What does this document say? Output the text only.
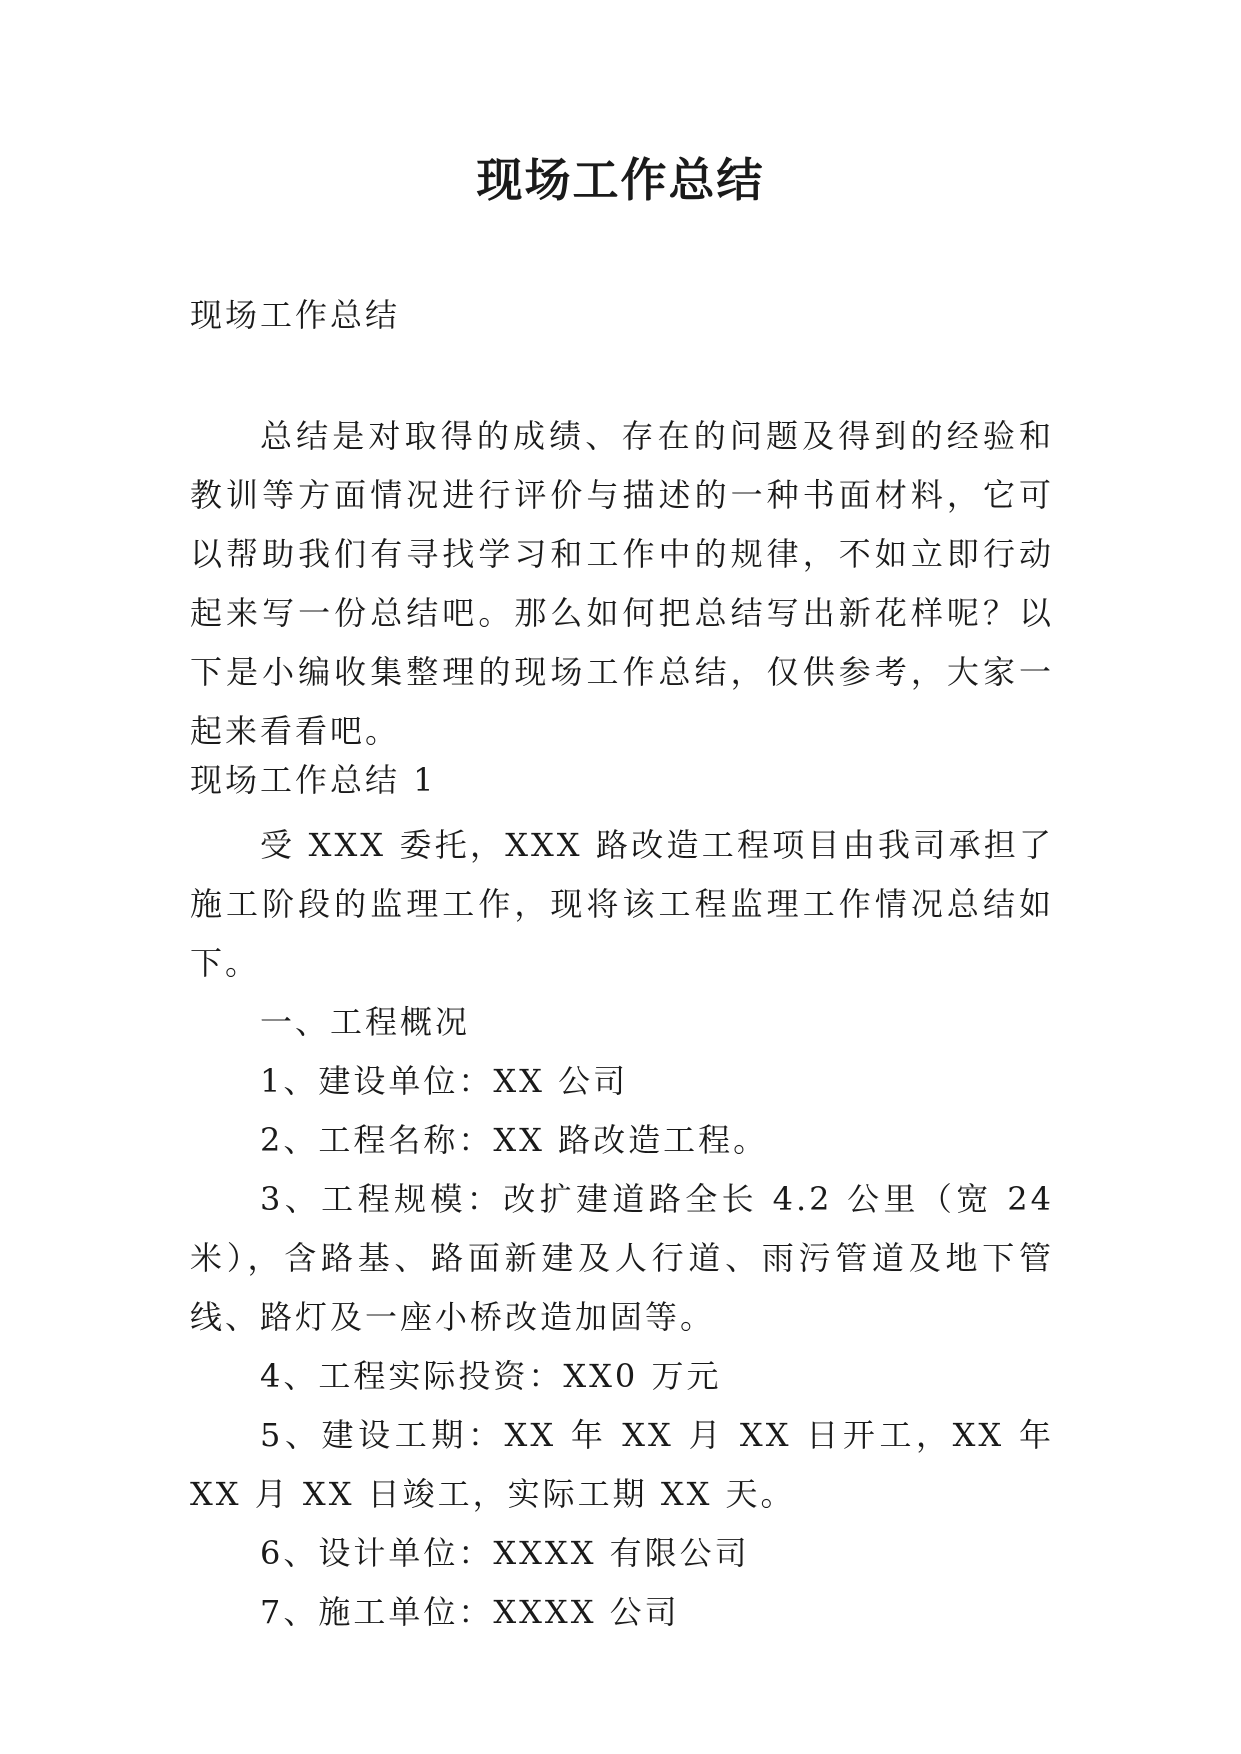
现场工作总结

现场工作总结

总结是对取得的成绩、存在的问题及得到的经验和教训等方面情况进行评价与描述的一种书面材料，它可以帮助我们有寻找学习和工作中的规律，不如立即行动起来写一份总结吧。那么如何把总结写出新花样呢？以下是小编收集整理的现场工作总结，仅供参考，大家一起来看看吧。

现场工作总结 1

受 XXX 委托，XXX 路改造工程项目由我司承担了施工阶段的监理工作，现将该工程监理工作情况总结如下。

一、工程概况

1、建设单位：XX 公司

2、工程名称：XX 路改造工程。

3、工程规模：改扩建道路全长 4.2 公里（宽 24 米），含路基、路面新建及人行道、雨污管道及地下管线、路灯及一座小桥改造加固等。

4、工程实际投资：XX0 万元

5、建设工期：XX 年 XX 月 XX 日开工，XX 年 XX 月 XX 日竣工，实际工期 XX 天。

6、设计单位：XXXX 有限公司

7、施工单位：XXXX 公司
